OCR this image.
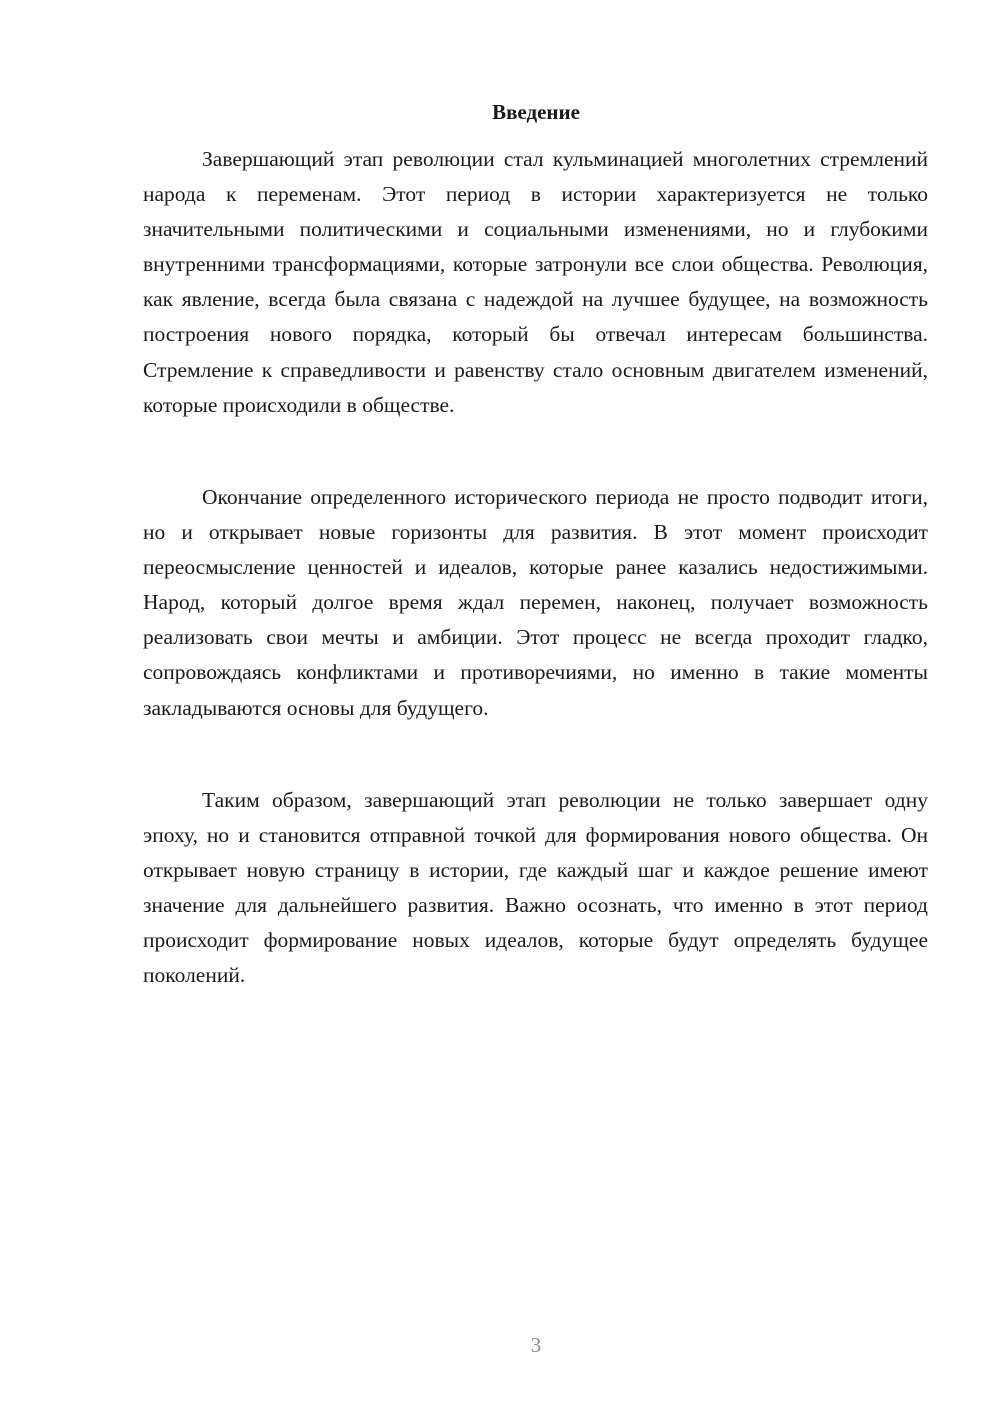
Введение

Завершающий этап революции стал кульминацией многолетних стремлений народа к переменам. Этот период в истории характеризуется не только значительными политическими и социальными изменениями, но и глубокими внутренними трансформациями, которые затронули все слои общества. Революция, как явление, всегда была связана с надеждой на лучшее будущее, на возможность построения нового порядка, который бы отвечал интересам большинства. Стремление к справедливости и равенству стало основным двигателем изменений, которые происходили в обществе.

Окончание определенного исторического периода не просто подводит итоги, но и открывает новые горизонты для развития. В этот момент происходит переосмысление ценностей и идеалов, которые ранее казались недостижимыми. Народ, который долгое время ждал перемен, наконец, получает возможность реализовать свои мечты и амбиции. Этот процесс не всегда проходит гладко, сопровождаясь конфликтами и противоречиями, но именно в такие моменты закладываются основы для будущего.

Таким образом, завершающий этап революции не только завершает одну эпоху, но и становится отправной точкой для формирования нового общества. Он открывает новую страницу в истории, где каждый шаг и каждое решение имеют значение для дальнейшего развития. Важно осознать, что именно в этот период происходит формирование новых идеалов, которые будут определять будущее поколений.

3
